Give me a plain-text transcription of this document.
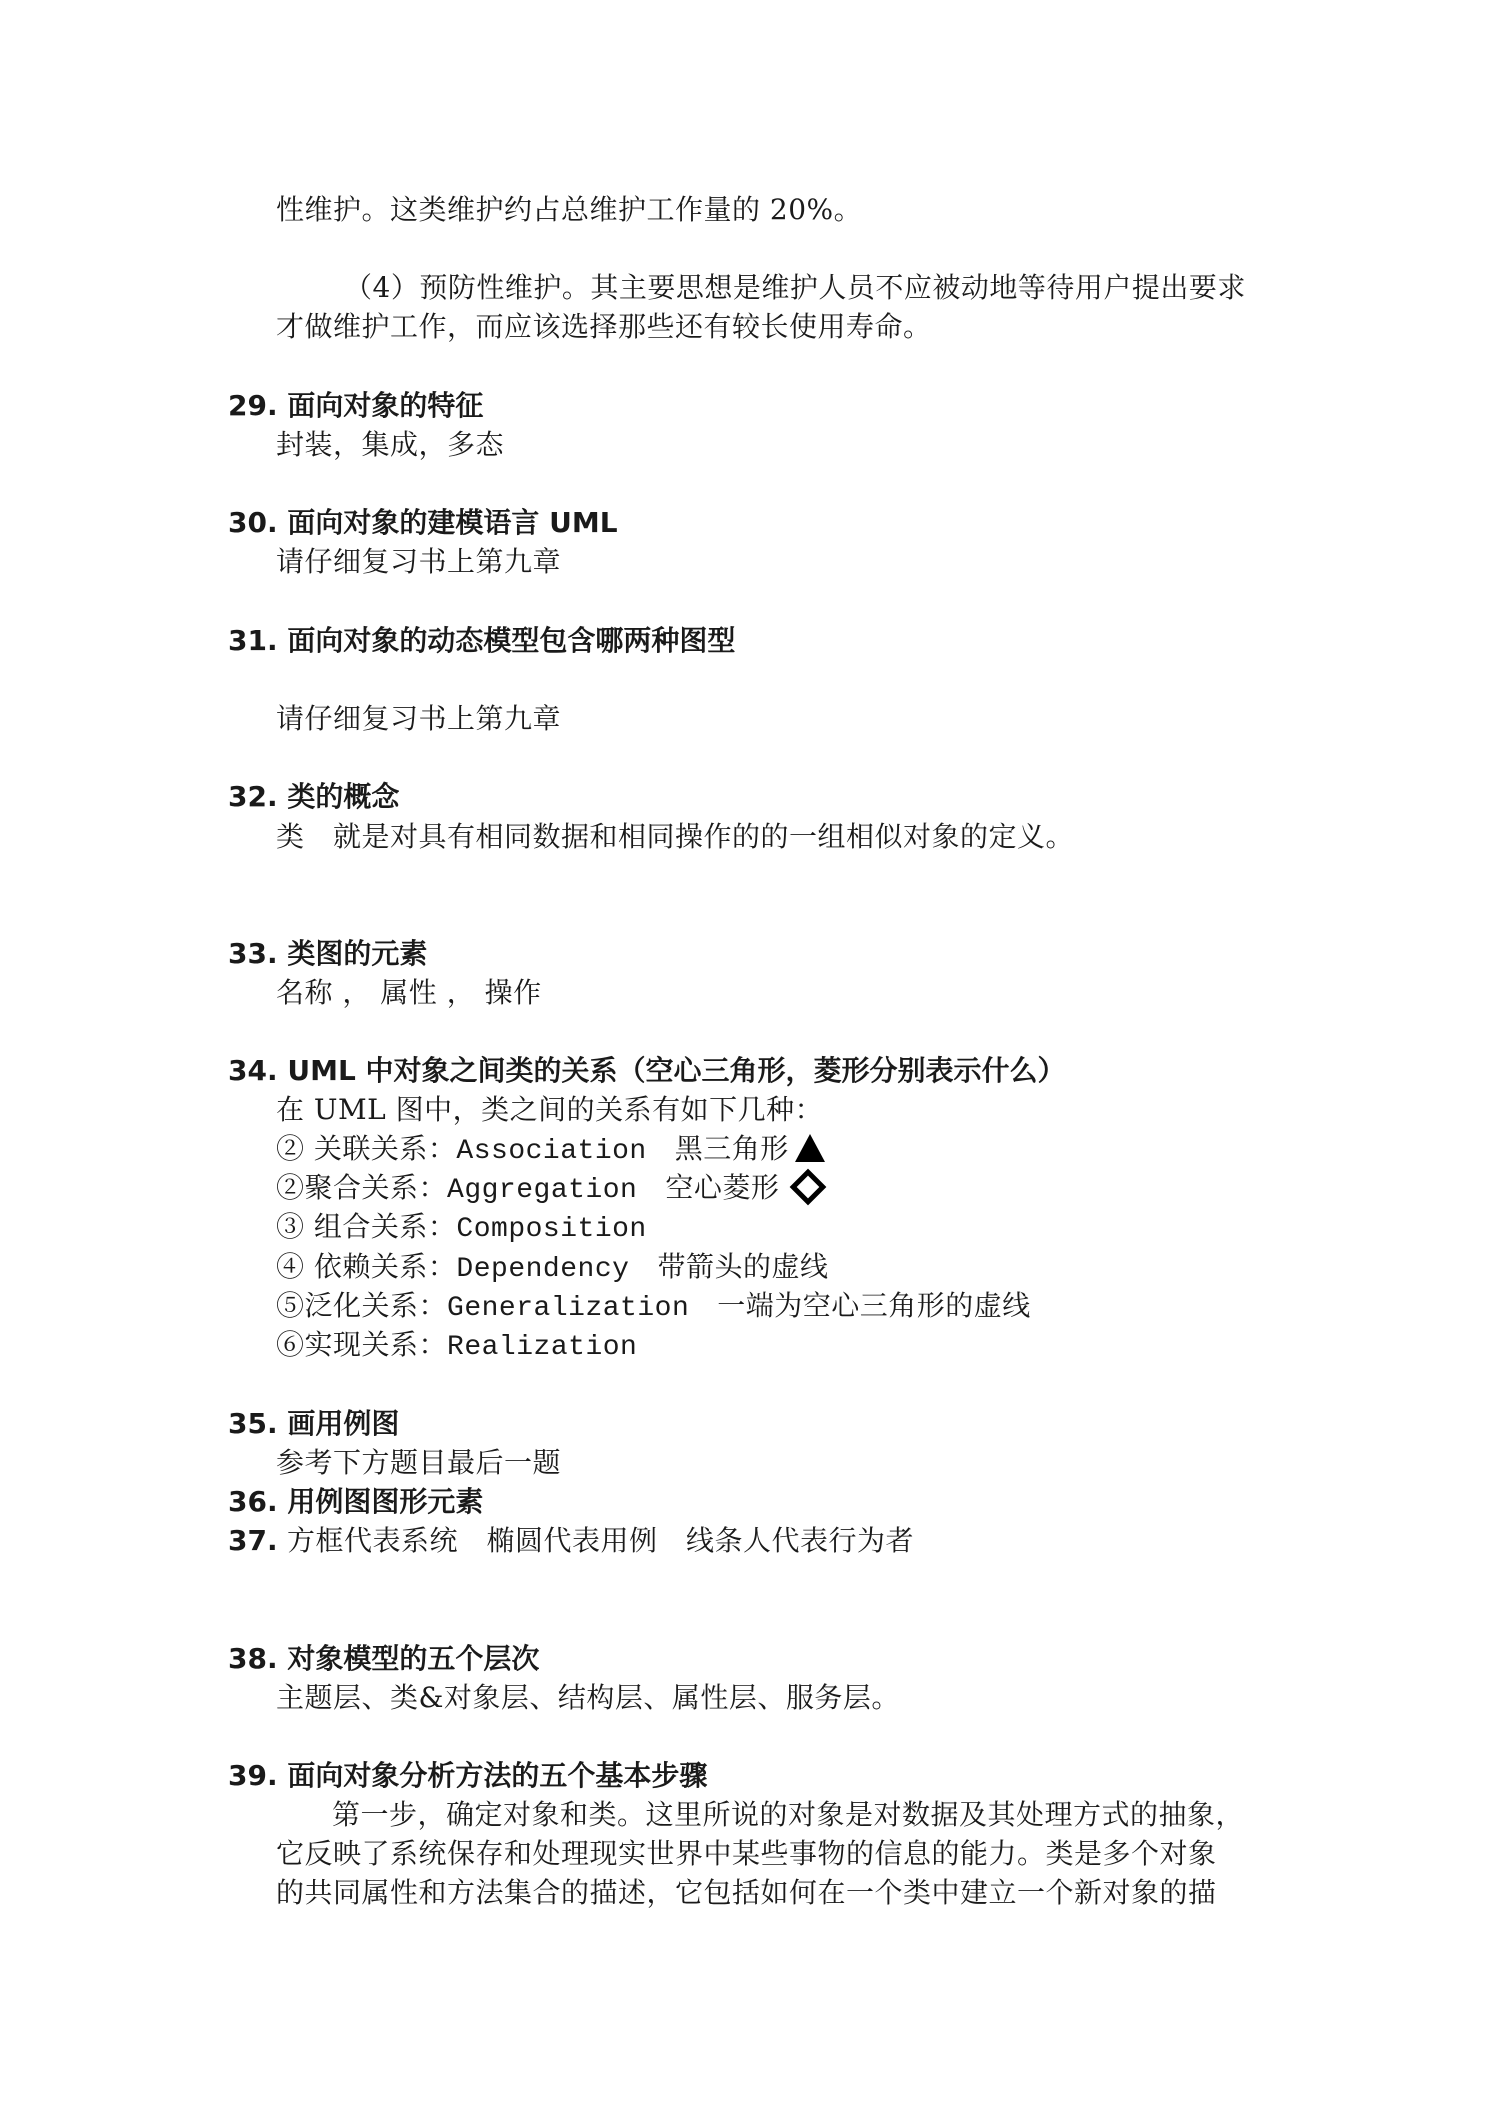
性维护。这类维护约占总维护工作量的 20%。
（4）预防性维护。其主要思想是维护人员不应被动地等待用户提出要求
才做维护工作，而应该选择那些还有较长使用寿命。
29. 面向对象的特征
封装，集成，多态
30. 面向对象的建模语言 UML
请仔细复习书上第九章
31. 面向对象的动态模型包含哪两种图型
请仔细复习书上第九章
32. 类的概念
类　就是对具有相同数据和相同操作的的一组相似对象的定义。
33. 类图的元素
名称 ， 属性 ， 操作
34. UML 中对象之间类的关系（空心三角形，菱形分别表示什么）
在 UML 图中，类之间的关系有如下几种：
② 关联关系：Association 黑三角形
②聚合关系：Aggregation 空心菱形
③ 组合关系：Composition
④ 依赖关系：Dependency 带箭头的虚线
⑤泛化关系：Generalization 一端为空心三角形的虚线
⑥实现关系：Realization
35. 画用例图
参考下方题目最后一题
36. 用例图图形元素
37. 方框代表系统　椭圆代表用例　线条人代表行为者
38. 对象模型的五个层次
主题层、类&对象层、结构层、属性层、服务层。
39. 面向对象分析方法的五个基本步骤
第一步，确定对象和类。这里所说的对象是对数据及其处理方式的抽象，
它反映了系统保存和处理现实世界中某些事物的信息的能力。类是多个对象
的共同属性和方法集合的描述，它包括如何在一个类中建立一个新对象的描
